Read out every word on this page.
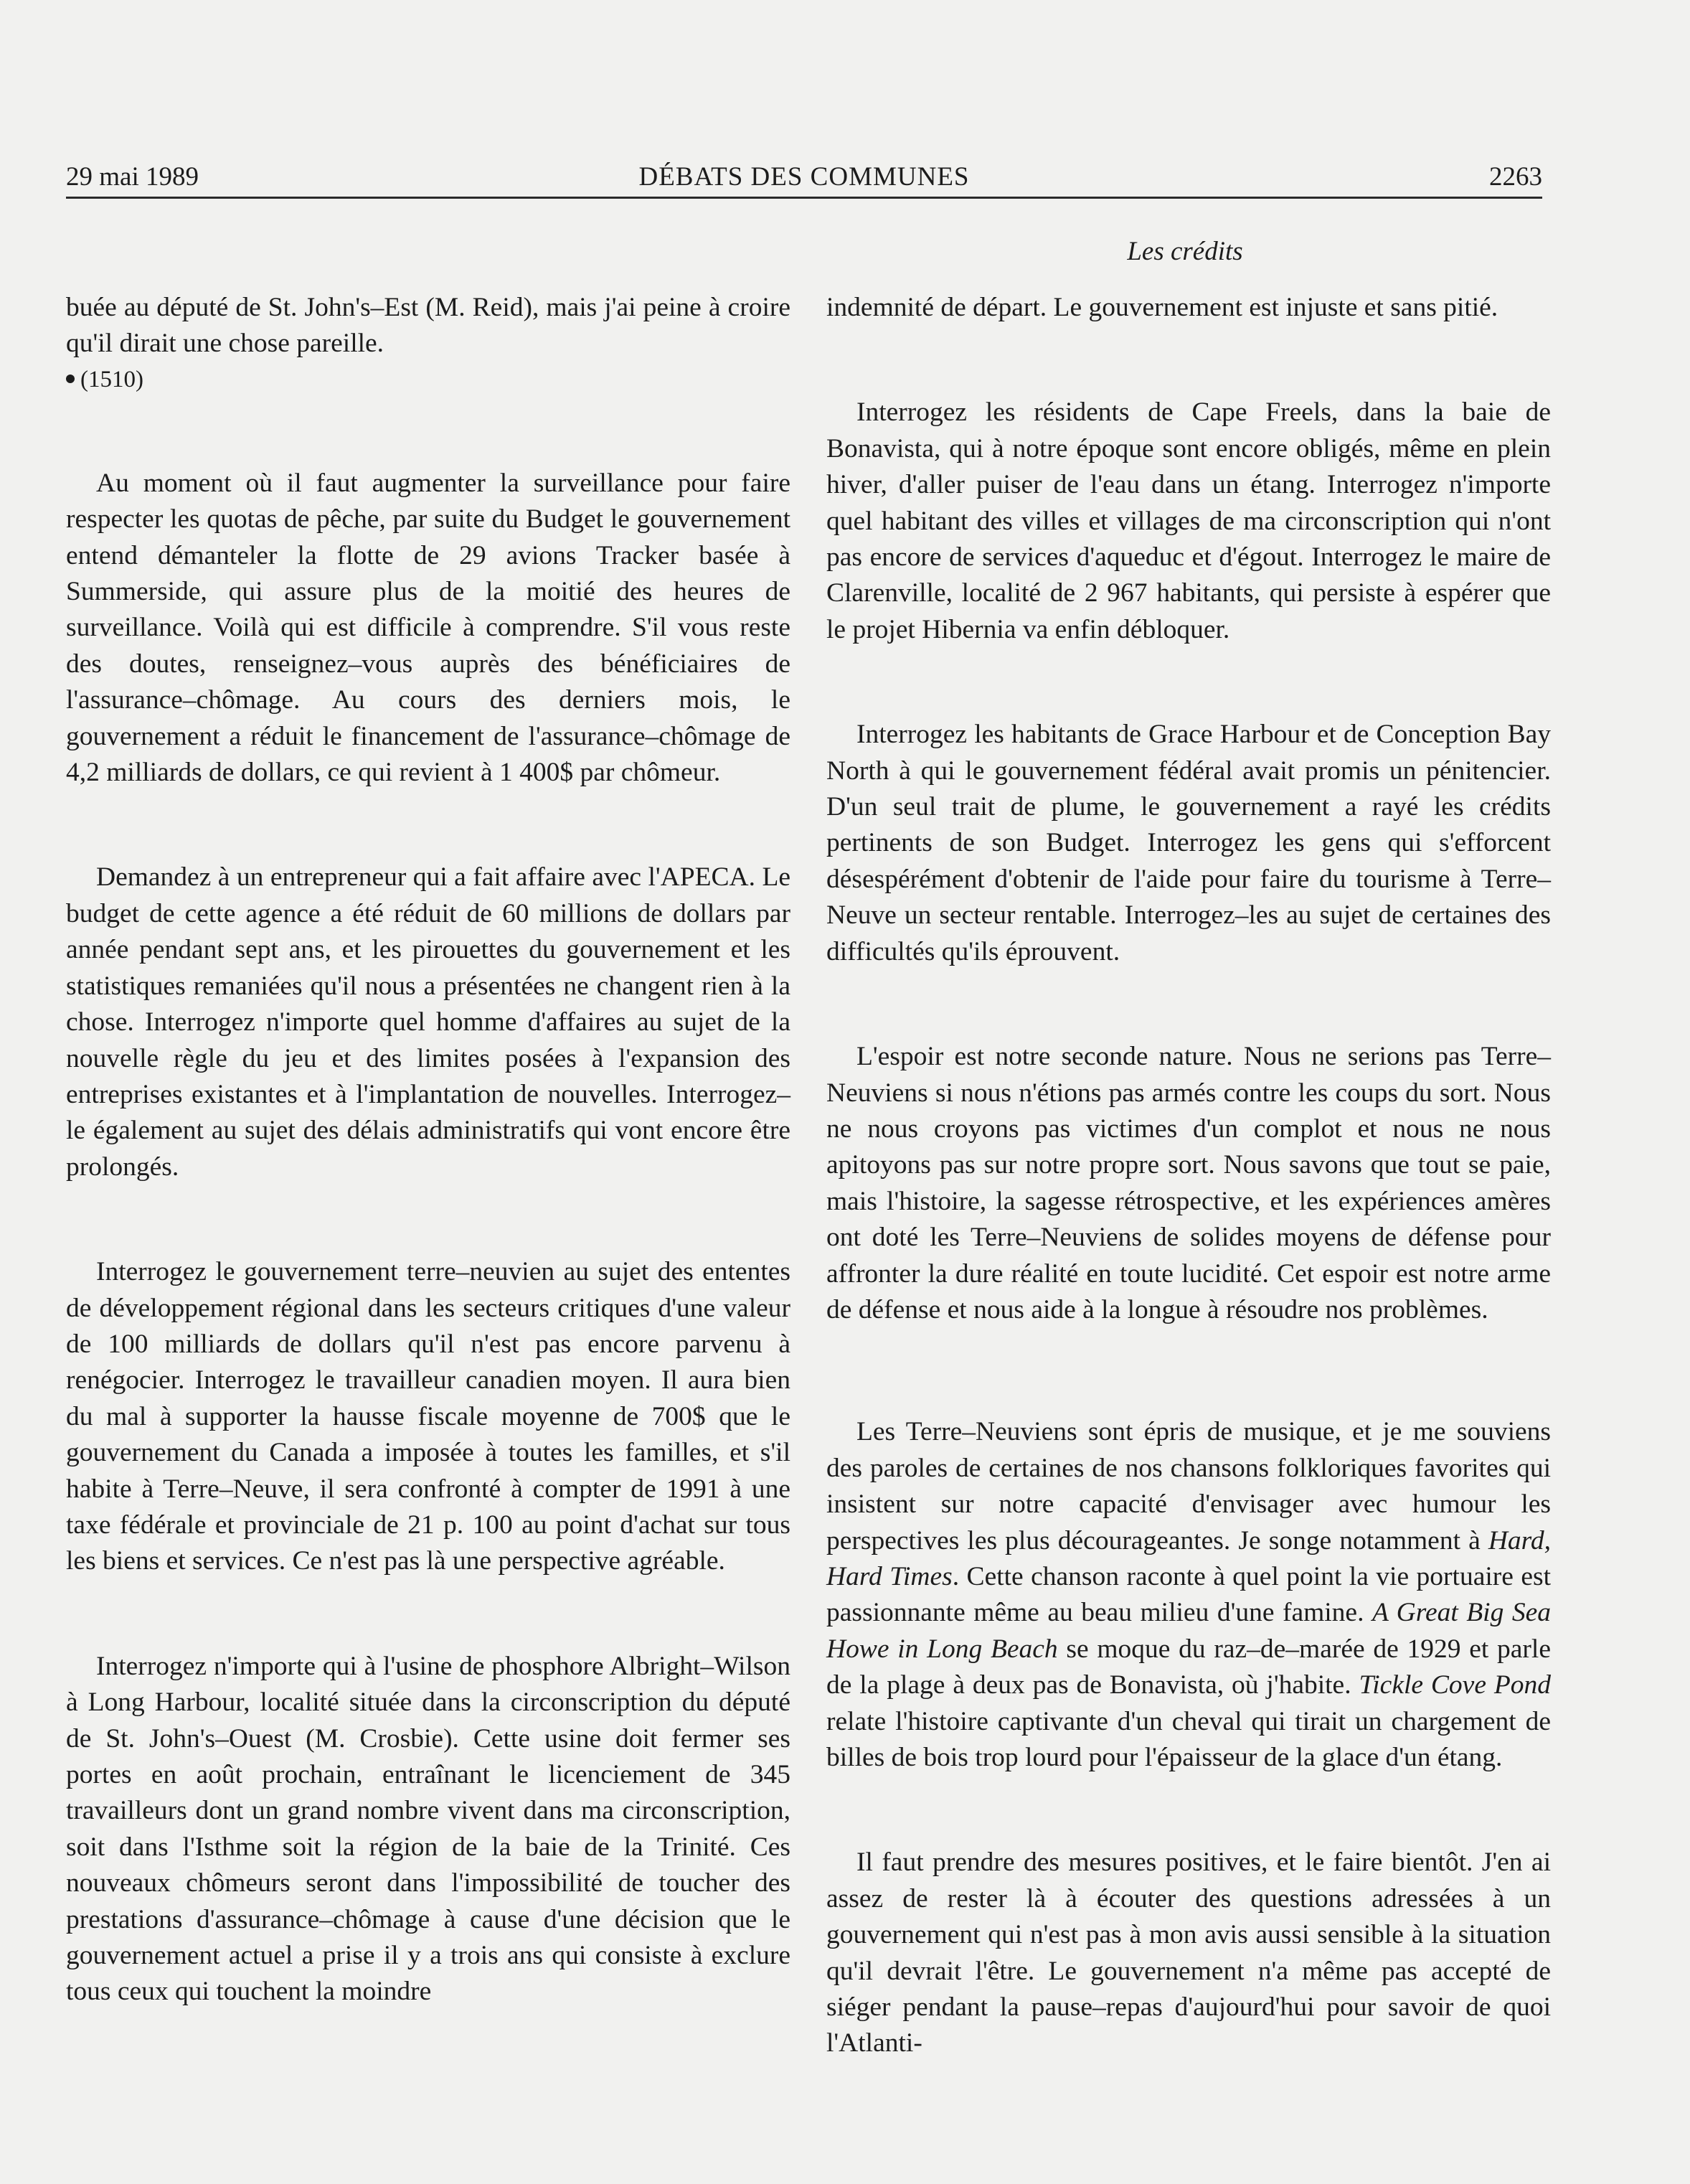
29 mai 1989	DÉBATS DES COMMUNES	2263
Les crédits

buée au député de St. John's–Est (M. Reid), mais j'ai peine à croire qu'il dirait une chose pareille.

(1510)

Au moment où il faut augmenter la surveillance pour faire respecter les quotas de pêche, par suite du Budget le gouvernement entend démanteler la flotte de 29 avions Tracker basée à Summerside, qui assure plus de la moitié des heures de surveillance. Voilà qui est difficile à comprendre. S'il vous reste des doutes, renseignez–vous auprès des bénéficiaires de l'assurance–chômage. Au cours des derniers mois, le gouvernement a réduit le financement de l'assurance–chômage de 4,2 milliards de dollars, ce qui revient à 1 400$ par chômeur.

Demandez à un entrepreneur qui a fait affaire avec l'APECA. Le budget de cette agence a été réduit de 60 millions de dollars par année pendant sept ans, et les pirouettes du gouvernement et les statistiques remaniées qu'il nous a présentées ne changent rien à la chose. Interrogez n'importe quel homme d'affaires au sujet de la nouvelle règle du jeu et des limites posées à l'expansion des entreprises existantes et à l'implantation de nouvelles. Interrogez–le également au sujet des délais administratifs qui vont encore être prolongés.

Interrogez le gouvernement terre–neuvien au sujet des ententes de développement régional dans les secteurs critiques d'une valeur de 100 milliards de dollars qu'il n'est pas encore parvenu à renégocier. Interrogez le travailleur canadien moyen. Il aura bien du mal à supporter la hausse fiscale moyenne de 700$ que le gouvernement du Canada a imposée à toutes les familles, et s'il habite à Terre–Neuve, il sera confronté à compter de 1991 à une taxe fédérale et provinciale de 21 p. 100 au point d'achat sur tous les biens et services. Ce n'est pas là une perspective agréable.

Interrogez n'importe qui à l'usine de phosphore Albright–Wilson à Long Harbour, localité située dans la circonscription du député de St. John's–Ouest (M. Crosbie). Cette usine doit fermer ses portes en août prochain, entraînant le licenciement de 345 travailleurs dont un grand nombre vivent dans ma circonscription, soit dans l'Isthme soit la région de la baie de la Trinité. Ces nouveaux chômeurs seront dans l'impossibilité de toucher des prestations d'assurance–chômage à cause d'une décision que le gouvernement actuel a prise il y a trois ans qui consiste à exclure tous ceux qui touchent la moindre

indemnité de départ. Le gouvernement est injuste et sans pitié.

Interrogez les résidents de Cape Freels, dans la baie de Bonavista, qui à notre époque sont encore obligés, même en plein hiver, d'aller puiser de l'eau dans un étang. Interrogez n'importe quel habitant des villes et villages de ma circonscription qui n'ont pas encore de services d'aqueduc et d'égout. Interrogez le maire de Clarenville, localité de 2 967 habitants, qui persiste à espérer que le projet Hibernia va enfin débloquer.

Interrogez les habitants de Grace Harbour et de Conception Bay North à qui le gouvernement fédéral avait promis un pénitencier. D'un seul trait de plume, le gouvernement a rayé les crédits pertinents de son Budget. Interrogez les gens qui s'efforcent désespérément d'obtenir de l'aide pour faire du tourisme à Terre–Neuve un secteur rentable. Interrogez–les au sujet de certaines des difficultés qu'ils éprouvent.

L'espoir est notre seconde nature. Nous ne serions pas Terre–Neuviens si nous n'étions pas armés contre les coups du sort. Nous ne nous croyons pas victimes d'un complot et nous ne nous apitoyons pas sur notre propre sort. Nous savons que tout se paie, mais l'histoire, la sagesse rétrospective, et les expériences amères ont doté les Terre–Neuviens de solides moyens de défense pour affronter la dure réalité en toute lucidité. Cet espoir est notre arme de défense et nous aide à la longue à résoudre nos problèmes.

Les Terre–Neuviens sont épris de musique, et je me souviens des paroles de certaines de nos chansons folkloriques favorites qui insistent sur notre capacité d'envisager avec humour les perspectives les plus décourageantes. Je songe notamment à Hard, Hard Times. Cette chanson raconte à quel point la vie portuaire est passionnante même au beau milieu d'une famine. A Great Big Sea Howe in Long Beach se moque du raz–de–marée de 1929 et parle de la plage à deux pas de Bonavista, où j'habite. Tickle Cove Pond relate l'histoire captivante d'un cheval qui tirait un chargement de billes de bois trop lourd pour l'épaisseur de la glace d'un étang.

Il faut prendre des mesures positives, et le faire bientôt. J'en ai assez de rester là à écouter des questions adressées à un gouvernement qui n'est pas à mon avis aussi sensible à la situation qu'il devrait l'être. Le gouvernement n'a même pas accepté de siéger pendant la pause–repas d'aujourd'hui pour savoir de quoi l'Atlanti-
